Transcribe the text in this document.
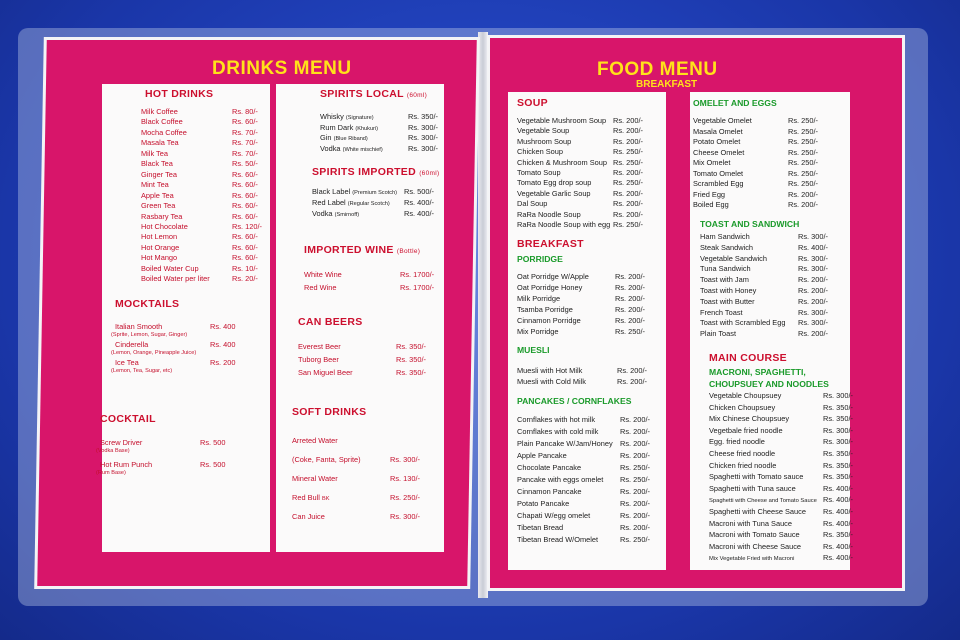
DRINKS MENU	FOOD MENU
BREAKFAST
HOT DRINKS
Milk Coffee	Rs. 80/-
Black Coffee	Rs. 60/-
Mocha Coffee	Rs. 70/-
Masala Tea	Rs. 70/-
Milk Tea	Rs. 70/-
Black Tea	Rs. 50/-
Ginger Tea	Rs. 60/-
Mint Tea	Rs. 60/-
Apple Tea	Rs. 60/-
Green Tea	Rs. 60/-
Rasbary Tea	Rs. 60/-
Hot Chocolate	Rs. 120/-
Hot Lemon	Rs. 60/-
Hot Orange	Rs. 60/-
Hot Mango	Rs. 60/-
Boiled Water Cup	Rs. 10/-
Boiled Water per liter	Rs. 20/-
MOCKTAILS
Italian Smooth	Rs. 400
(Sprite, Lemon, Sugar, Ginger)
Cinderella	Rs. 400
(Lemon, Orange, Pineapple Juice)
Ice Tea	Rs. 200
(Lemon, Tea, Sugar, etc)
COCKTAIL
Screw Driver	Rs. 500
(Vodka Base)
Hot Rum Punch	Rs. 500
(Rum Base)
SPIRITS LOCAL (60ml)
Whisky (Signature)	Rs. 350/-
Rum Dark (Khukuri)	Rs. 300/-
Gin (Blue Riband)	Rs. 300/-
Vodka (White mischief)	Rs. 300/-
SPIRITS IMPORTED (60ml)
Black Label (Premium Scotch) Rs. 500/-
Red Label (Regular Scotch) Rs. 400/-
Vodka (Smirnoff)	Rs. 400/-
IMPORTED WINE (Bottle)
White Wine	Rs. 1700/-
Red Wine	Rs. 1700/-
CAN BEERS
Everest Beer	Rs. 350/-
Tuborg Beer	Rs. 350/-
San Miguel Beer	Rs. 350/-
SOFT DRINKS
Arreted Water
(Coke, Fanta, Sprite)	Rs. 300/-
Mineral Water	Rs. 130/-
Red Bull BK	Rs. 250/-
Can Juice	Rs. 300/-
SOUP
Vegetable Mushroom Soup Rs. 200/-
Vegetable Soup	Rs. 200/-
Mushroom Soup	Rs. 200/-
Chicken Soup	Rs. 250/-
Chicken & Mushroom Soup Rs. 250/-
Tomato Soup	Rs. 200/-
Tomato Egg drop soup	Rs. 250/-
Vegetable Garlic Soup	Rs. 200/-
Dal Soup	Rs. 200/-
RaRa Noodle Soup	Rs. 200/-
RaRa Noodle Soup with egg Rs. 250/-
PORRIDGE
Oat Porridge W/Apple	Rs. 200/-
Oat Porridge Honey	Rs. 200/-
Milk Porridge	Rs. 200/-
Tsamba Porridge	Rs. 200/-
Cinnamon Porridge	Rs. 200/-
Mix Porridge	Rs. 250/-
MUESLI
Muesli with Hot Milk	Rs. 200/-
Muesli with Cold Milk	Rs. 200/-
PANCAKES / CORNFLAKES
Cornflakes with hot milk	Rs. 200/-
Cornflakes with cold milk	Rs. 200/-
Plain Pancake W/Jam/Honey Rs. 200/-
Apple Pancake	Rs. 200/-
Chocolate Pancake	Rs. 250/-
Pancake with eggs omelet Rs. 250/-
Cinnamon Pancake	Rs. 200/-
Potato Pancake	Rs. 200/-
Chapati W/egg omelet	Rs. 200/-
Tibetan Bread	Rs. 200/-
Tibetan Bread W/Omelet	Rs. 250/-
OMELET AND EGGS
Vegetable Omelet	Rs. 250/-
Masala Omelet	Rs. 250/-
Potato Omelet	Rs. 250/-
Cheese Omelet	Rs. 250/-
Mix Omelet	Rs. 250/-
Tomato Omelet	Rs. 250/-
Scrambled Egg	Rs. 250/-
Fried Egg	Rs. 200/-
Boiled Egg	Rs. 200/-
TOAST AND SANDWICH
Ham Sandwich	Rs. 300/-
Steak Sandwich	Rs. 400/-
Vegetable Sandwich	Rs. 300/-
Tuna Sandwich	Rs. 300/-
Toast with Jam	Rs. 200/-
Toast with Honey	Rs. 200/-
Toast with Butter	Rs. 200/-
French Toast	Rs. 300/-
Toast with Scrambled Egg Rs. 300/-
Plain Toast	Rs. 200/-
MAIN COURSE
MACRONI, SPAGHETTI,
CHOUPSUEY AND NOODLES
Vegetable Choupsuey	Rs. 300/-
Chicken Choupsuey	Rs. 350/-
Mix Chinese Choupsuey	Rs. 350/-
Vegetbale fried noodle	Rs. 300/-
Egg. fried noodle	Rs. 300/-
Cheese fried noodle	Rs. 350/-
Chicken fried noodle	Rs. 350/-
Spaghetti with Tomato sauce	Rs. 350/-
Spaghetti with Tuna sauce	Rs. 400/-
Spaghetti with Cheese and Tomato Sauce Rs. 400/-
Spaghetti with Cheese Sauce Rs. 400/-
Macroni with Tuna Sauce	Rs. 400/-
Macroni with Tomato Sauce	Rs. 350/-
Macroni with Cheese Sauce	Rs. 400/-
Mix Vegetable Fried with Macroni	Rs. 400/-
BREAKFAST
